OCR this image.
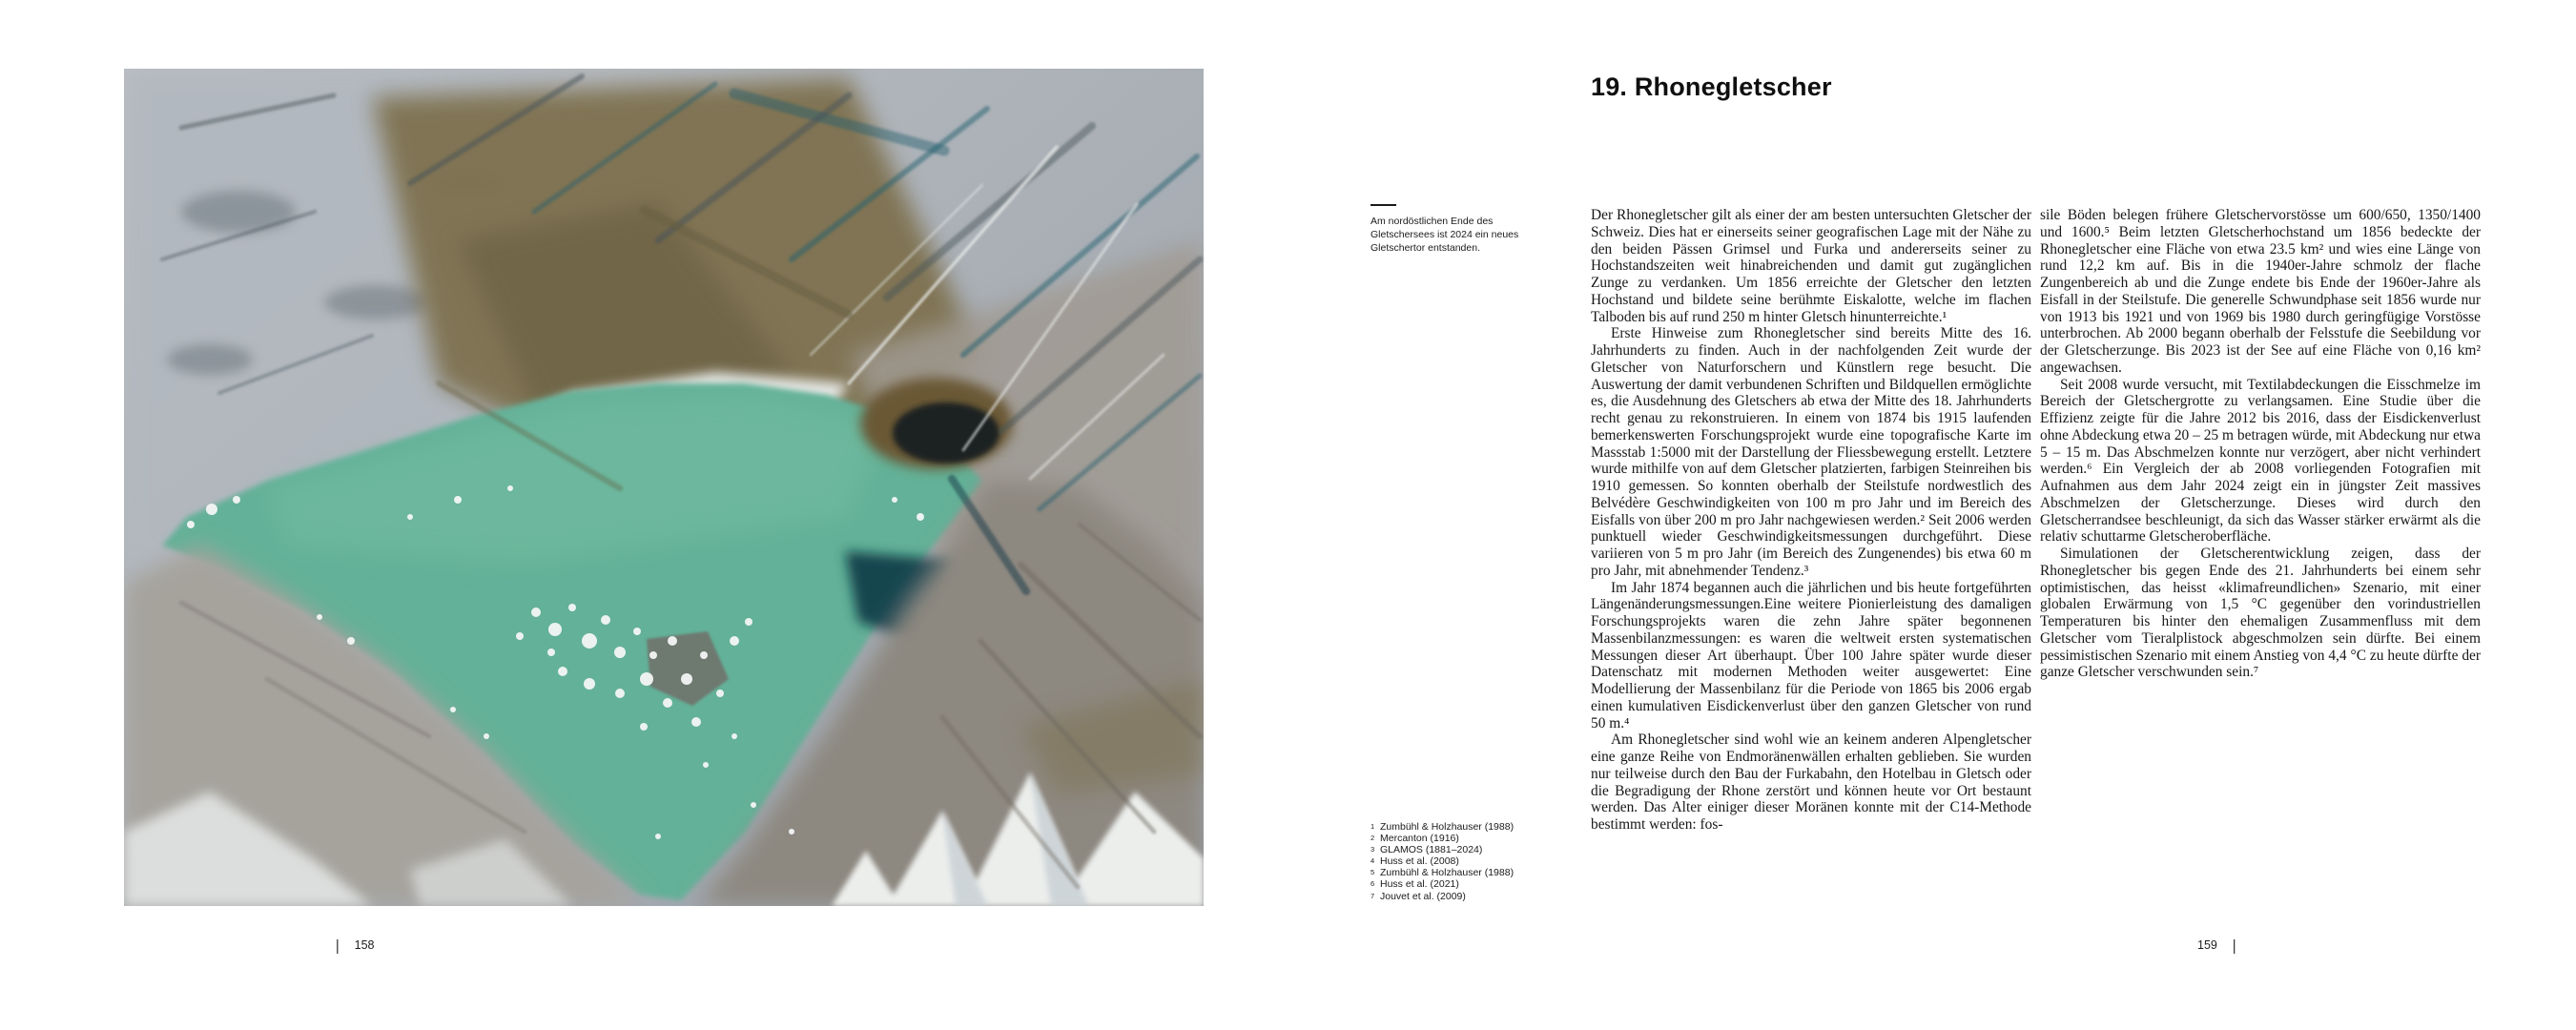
| 158
19. Rhonegletscher
Am nordöstlichen Ende des Gletschersees ist 2024 ein neues Gletschertor entstanden.
1 Zumbühl & Holzhauser (1988)
2 Mercanton (1916)
3 GLAMOS (1881–2024)
4 Huss et al. (2008)
5 Zumbühl & Holzhauser (1988)
6 Huss et al. (2021)
7 Jouvet et al. (2009)

Der Rhonegletscher gilt als einer der am besten untersuchten Gletscher der Schweiz. Dies hat er einerseits seiner geografischen Lage mit der Nähe zu den beiden Pässen Grimsel und Furka und andererseits seiner zu Hochstandszeiten weit hinabreichenden und damit gut zugänglichen Zunge zu verdanken. Um 1856 erreichte der Gletscher den letzten Hochstand und bildete seine berühmte Eiskalotte, welche im flachen Talboden bis auf rund 250 m hinter Gletsch hinunterreichte.¹

Erste Hinweise zum Rhonegletscher sind bereits Mitte des 16. Jahrhunderts zu finden. Auch in der nachfolgenden Zeit wurde der Gletscher von Naturforschern und Künstlern rege besucht. Die Auswertung der damit verbundenen Schriften und Bildquellen ermöglichte es, die Ausdehnung des Gletschers ab etwa der Mitte des 18. Jahrhunderts recht genau zu rekonstruieren. In einem von 1874 bis 1915 laufenden bemerkenswerten Forschungsprojekt wurde eine topografische Karte im Massstab 1:5000 mit der Darstellung der Fliessbewegung erstellt. Letztere wurde mithilfe von auf dem Gletscher platzierten, farbigen Steinreihen bis 1910 gemessen. So konnten oberhalb der Steilstufe nordwestlich des Belvédère Geschwindigkeiten von 100 m pro Jahr und im Bereich des Eisfalls von über 200 m pro Jahr nachgewiesen werden.² Seit 2006 werden punktuell wieder Geschwindigkeitsmessungen durchgeführt. Diese variieren von 5 m pro Jahr (im Bereich des Zungenendes) bis etwa 60 m pro Jahr, mit abnehmender Tendenz.³

Im Jahr 1874 begannen auch die jährlichen und bis heute fortgeführten Längenänderungsmessungen.Eine weitere Pionierleistung des damaligen Forschungsprojekts waren die zehn Jahre später begonnenen Massenbilanzmessungen: es waren die weltweit ersten systematischen Messungen dieser Art überhaupt. Über 100 Jahre später wurde dieser Datenschatz mit modernen Methoden weiter ausgewertet: Eine Modellierung der Massenbilanz für die Periode von 1865 bis 2006 ergab einen kumulativen Eisdickenverlust über den ganzen Gletscher von rund 50 m.⁴

Am Rhonegletscher sind wohl wie an keinem anderen Alpengletscher eine ganze Reihe von Endmoränenwällen erhalten geblieben. Sie wurden nur teilweise durch den Bau der Furkabahn, den Hotelbau in Gletsch oder die Begradigung der Rhone zerstört und können heute vor Ort bestaunt werden. Das Alter einiger dieser Moränen konnte mit der C14-Methode bestimmt werden: fos-

sile Böden belegen frühere Gletschervorstösse um 600/650, 1350/1400 und 1600.⁵ Beim letzten Gletscherhochstand um 1856 bedeckte der Rhonegletscher eine Fläche von etwa 23.5 km² und wies eine Länge von rund 12,2 km auf. Bis in die 1940er-Jahre schmolz der flache Zungenbereich ab und die Zunge endete bis Ende der 1960er-Jahre als Eisfall in der Steilstufe. Die generelle Schwundphase seit 1856 wurde nur von 1913 bis 1921 und von 1969 bis 1980 durch geringfügige Vorstösse unterbrochen. Ab 2000 begann oberhalb der Felsstufe die Seebildung vor der Gletscherzunge. Bis 2023 ist der See auf eine Fläche von 0,16 km² angewachsen.

Seit 2008 wurde versucht, mit Textilabdeckungen die Eisschmelze im Bereich der Gletschergrotte zu verlangsamen. Eine Studie über die Effizienz zeigte für die Jahre 2012 bis 2016, dass der Eisdickenverlust ohne Abdeckung etwa 20 – 25 m betragen würde, mit Abdeckung nur etwa 5 – 15 m. Das Abschmelzen konnte nur verzögert, aber nicht verhindert werden.⁶ Ein Vergleich der ab 2008 vorliegenden Fotografien mit Aufnahmen aus dem Jahr 2024 zeigt ein in jüngster Zeit massives Abschmelzen der Gletscherzunge. Dieses wird durch den Gletscherrandsee beschleunigt, da sich das Wasser stärker erwärmt als die relativ schuttarme Gletscheroberfläche.

Simulationen der Gletscherentwicklung zeigen, dass der Rhonegletscher bis gegen Ende des 21. Jahrhunderts bei einem sehr optimistischen, das heisst «klimafreundlichen» Szenario, mit einer globalen Erwärmung von 1,5 °C gegenüber den vorindustriellen Temperaturen bis hinter den ehemaligen Zusammenfluss mit dem Gletscher vom Tieralplistock abgeschmolzen sein dürfte. Bei einem pessimistischen Szenario mit einem Anstieg von 4,4 °C zu heute dürfte der ganze Gletscher verschwunden sein.⁷

159 |
